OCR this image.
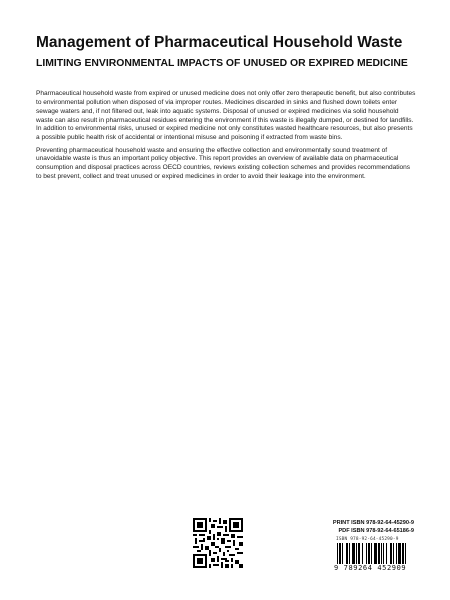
Management of Pharmaceutical Household Waste
LIMITING ENVIRONMENTAL IMPACTS OF UNUSED OR EXPIRED MEDICINE

Pharmaceutical household waste from expired or unused medicine does not only offer zero therapeutic benefit, but also contributes to environmental pollution when disposed of via improper routes. Medicines discarded in sinks and flushed down toilets enter sewage waters and, if not filtered out, leak into aquatic systems. Disposal of unused or expired medicines via solid household waste can also result in pharmaceutical residues entering the environment if this waste is illegally dumped, or destined for landfills. In addition to environmental risks, unused or expired medicine not only constitutes wasted healthcare resources, but also presents a possible public health risk of accidental or intentional misuse and poisoning if extracted from waste bins.

Preventing pharmaceutical household waste and ensuring the effective collection and environmentally sound treatment of unavoidable waste is thus an important policy objective. This report provides an overview of available data on pharmaceutical consumption and disposal practices across OECD countries, reviews existing collection schemes and provides recommendations to best prevent, collect and treat unused or expired medicines in order to avoid their leakage into the environment.

PRINT ISBN 978-92-64-45290-9
PDF ISBN 978-92-64-65186-9
ISBN 978-92-64-45290-9
9 789264 452909
